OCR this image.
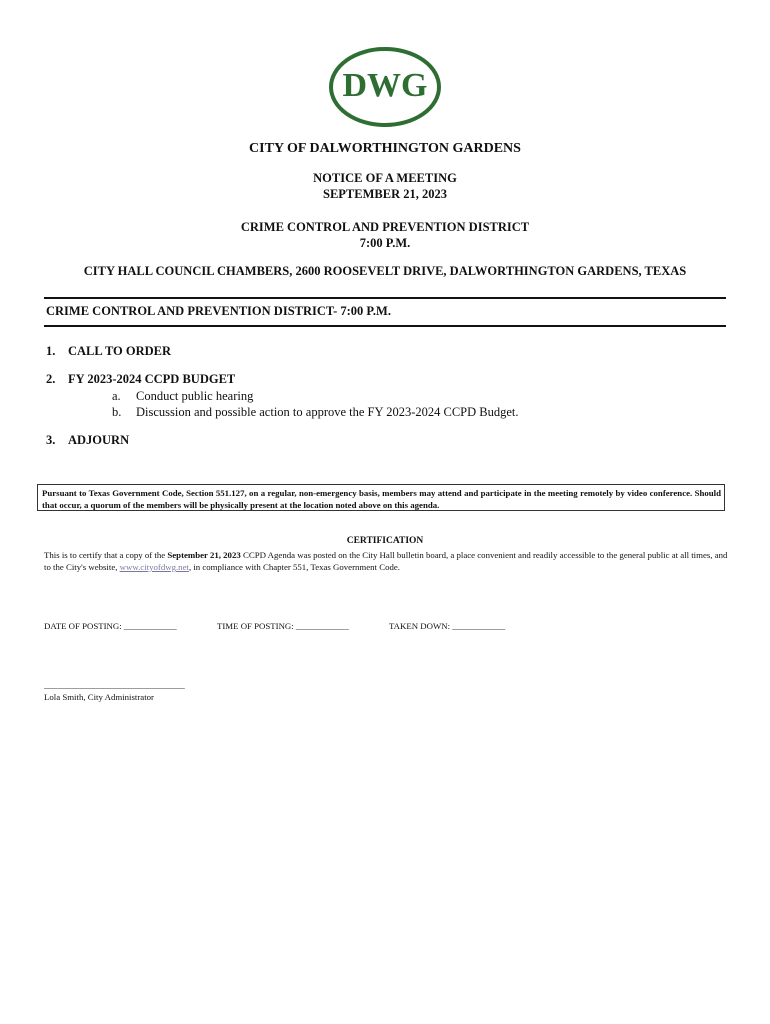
DWG
CITY OF DALWORTHINGTON GARDENS
NOTICE OF A MEETING
SEPTEMBER 21, 2023
CRIME CONTROL AND PREVENTION DISTRICT
7:00 P.M.
CITY HALL COUNCIL CHAMBERS, 2600 ROOSEVELT DRIVE, DALWORTHINGTON GARDENS, TEXAS
CRIME CONTROL AND PREVENTION DISTRICT- 7:00 P.M.
1. CALL TO ORDER
2. FY 2023-2024 CCPD BUDGET
a. Conduct public hearing
b. Discussion and possible action to approve the FY 2023-2024 CCPD Budget.
3. ADJOURN
Pursuant to Texas Government Code, Section 551.127, on a regular, non-emergency basis, members may attend and participate in the meeting remotely by video conference. Should that occur, a quorum of the members will be physically present at the location noted above on this agenda.
CERTIFICATION
This is to certify that a copy of the September 21, 2023 CCPD Agenda was posted on the City Hall bulletin board, a place convenient and readily accessible to the general public at all times, and to the City's website, www.cityofdwg.net, in compliance with Chapter 551, Texas Government Code.
DATE OF POSTING: ____________	TIME OF POSTING: ____________	TAKEN DOWN: ____________
________________________________
Lola Smith, City Administrator
